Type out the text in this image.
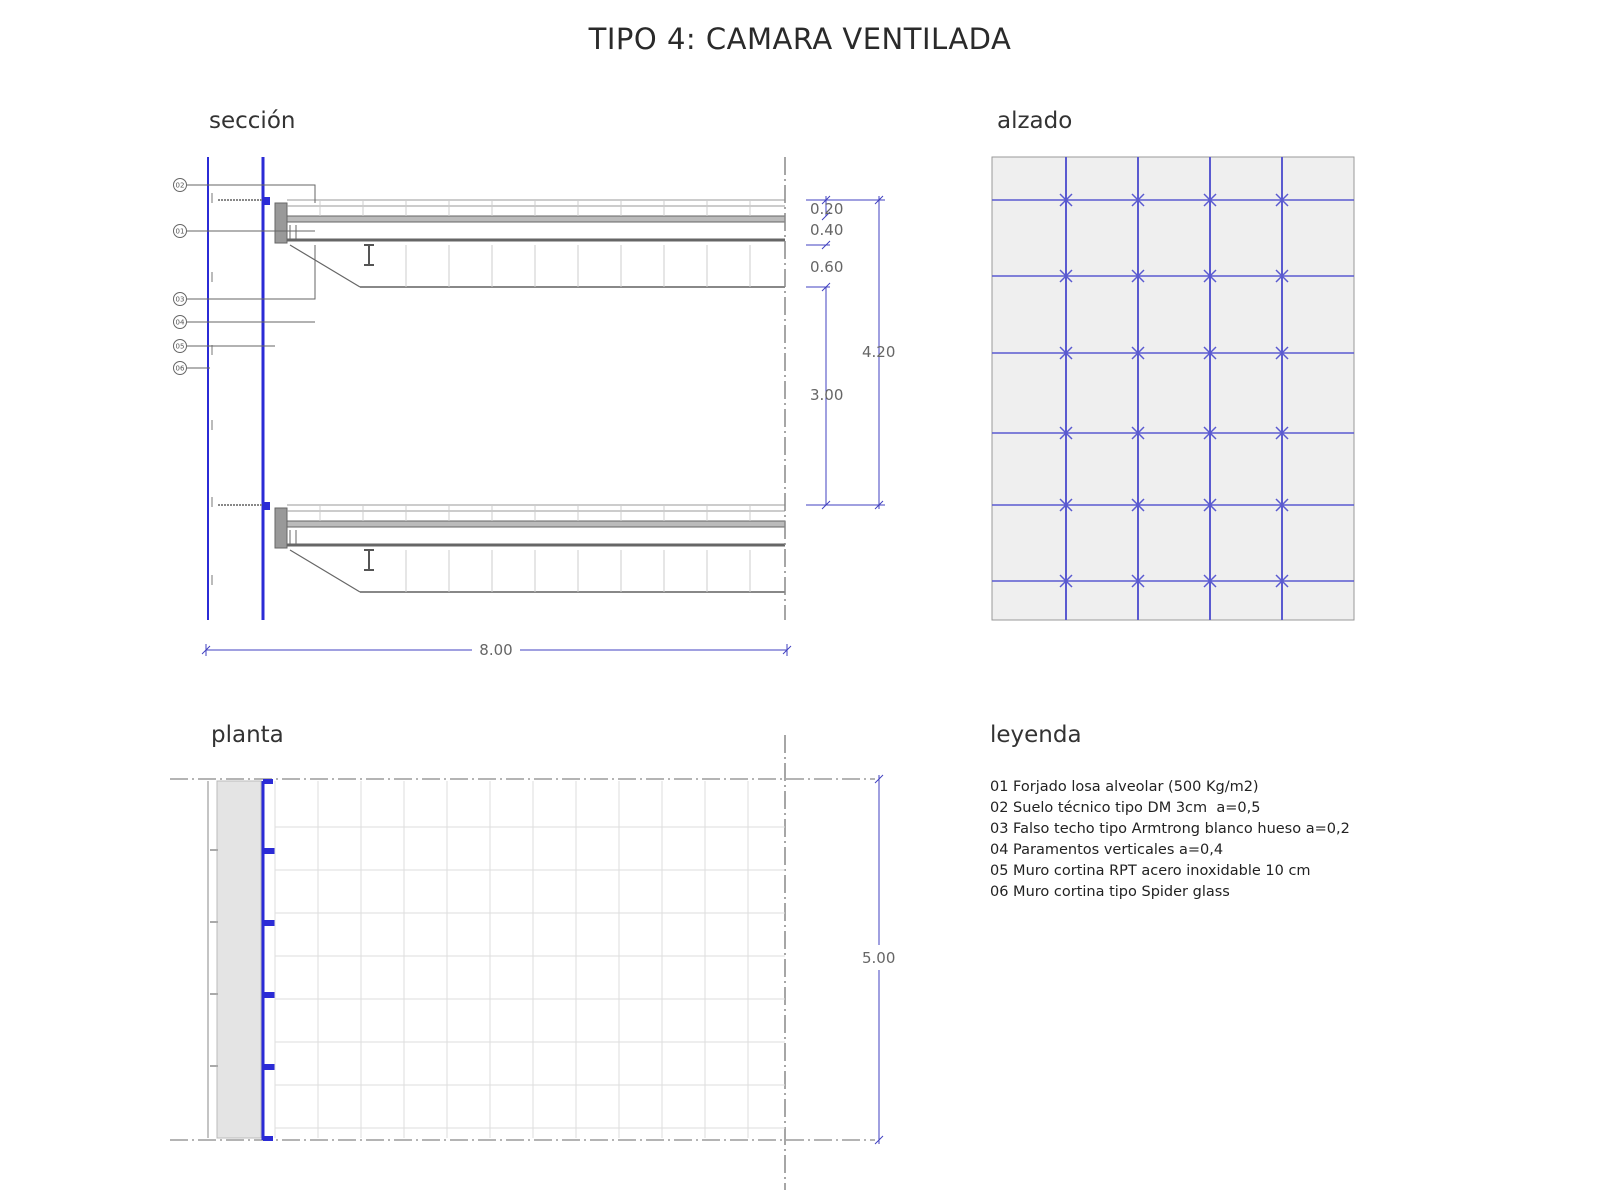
TIPO 4: CAMARA VENTILADA
sección	alzado
planta	leyenda
02
01
03
04
05
06
0.20
0.40
0.60
4.20
3.00
8.00
5.00
01 Forjado losa alveolar (500 Kg/m2)
02 Suelo técnico tipo DM 3cm  a=0,5
03 Falso techo tipo Armtrong blanco hueso a=0,2
04 Paramentos verticales a=0,4
05 Muro cortina RPT acero inoxidable 10 cm
06 Muro cortina tipo Spider glass
